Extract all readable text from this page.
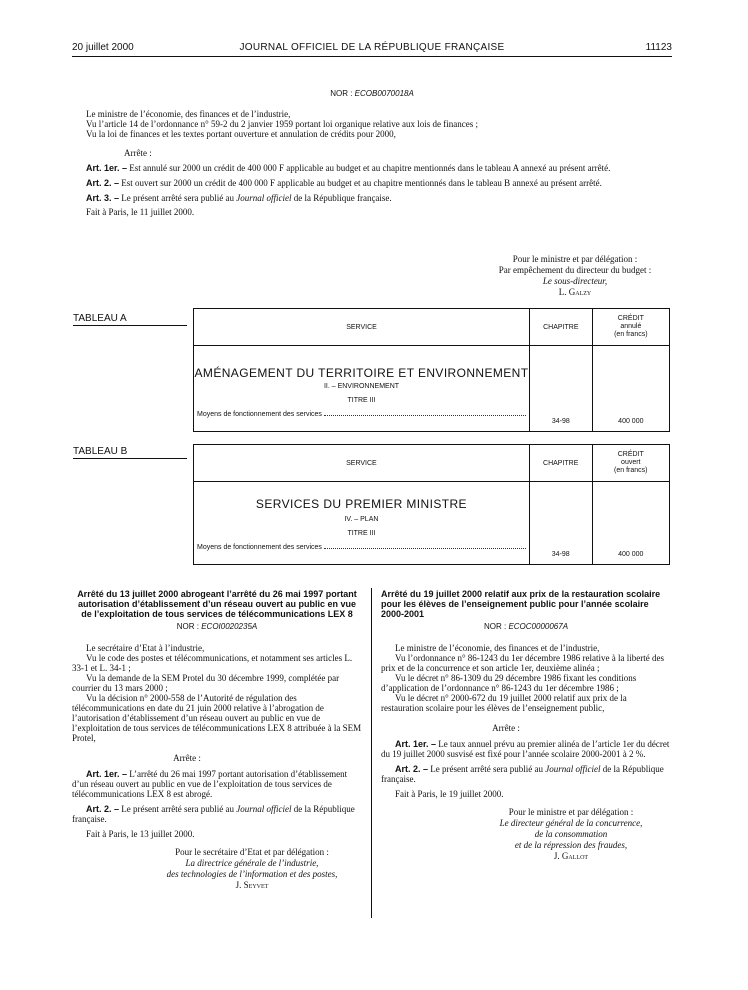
20 juillet 2000	JOURNAL OFFICIEL DE LA RÉPUBLIQUE FRANÇAISE	11123
NOR : ECOB0070018A

Le ministre de l’économie, des finances et de l’industrie,

Vu l’article 14 de l’ordonnance n° 59-2 du 2 janvier 1959 portant loi organique relative aux lois de finances ;

Vu la loi de finances et les textes portant ouverture et annulation de crédits pour 2000,

Arrête :

Art. 1er. – Est annulé sur 2000 un crédit de 400 000 F applicable au budget et au chapitre mentionnés dans le tableau A annexé au présent arrêté.

Art. 2. – Est ouvert sur 2000 un crédit de 400 000 F applicable au budget et au chapitre mentionnés dans le tableau B annexé au présent arrêté.

Art. 3. – Le présent arrêté sera publié au Journal officiel de la République française.

Fait à Paris, le 11 juillet 2000.

Pour le ministre et par délégation :
Par empêchement du directeur du budget :
Le sous-directeur,
L. Galzy
TABLEAU A
SERVICE	CHAPITRE	CRÉDIT
annulé
(en francs)

AMÉNAGEMENT DU TERRITOIRE ET ENVIRONNEMENT
II. – ENVIRONNEMENT
TITRE III
Moyens de fonctionnement des services	34-98	400 000
TABLEAU B
SERVICE	CHAPITRE	CRÉDIT
ouvert
(en francs)

SERVICES DU PREMIER MINISTRE
IV. – PLAN
TITRE III
Moyens de fonctionnement des services	34-98	400 000
Arrêté du 13 juillet 2000 abrogeant l’arrêté du 26 mai 1997 portant autorisation d’établissement d’un réseau ouvert au public en vue de l’exploitation de tous services de télécommunications LEX 8
NOR : ECOI0020235A

Le secrétaire d’Etat à l’industrie,

Vu le code des postes et télécommunications, et notamment ses articles L. 33-1 et L. 34-1 ;

Vu la demande de la SEM Protel du 30 décembre 1999, complétée par courrier du 13 mars 2000 ;

Vu la décision n° 2000-558 de l’Autorité de régulation des télécommunications en date du 21 juin 2000 relative à l’abrogation de l’autorisation d’établissement d’un réseau ouvert au public en vue de l’exploitation de tous services de télécommunications LEX 8 attribuée à la SEM Protel,

Arrête :

Art. 1er. – L’arrêté du 26 mai 1997 portant autorisation d’établissement d’un réseau ouvert au public en vue de l’exploitation de tous services de télécommunications LEX 8 est abrogé.

Art. 2. – Le présent arrêté sera publié au Journal officiel de la République française.

Fait à Paris, le 13 juillet 2000.

Pour le secrétaire d’Etat et par délégation :
La directrice générale de l’industrie,
des technologies de l’information et des postes,
J. Seyvet
Arrêté du 19 juillet 2000 relatif aux prix de la restauration scolaire pour les élèves de l’enseignement public pour l’année scolaire 2000-2001
NOR : ECOC0000067A

Le ministre de l’économie, des finances et de l’industrie,

Vu l’ordonnance n° 86-1243 du 1er décembre 1986 relative à la liberté des prix et de la concurrence et son article 1er, deuxième alinéa ;

Vu le décret n° 86-1309 du 29 décembre 1986 fixant les conditions d’application de l’ordonnance n° 86-1243 du 1er décembre 1986 ;

Vu le décret n° 2000-672 du 19 juillet 2000 relatif aux prix de la restauration scolaire pour les élèves de l’enseignement public,

Arrête :

Art. 1er. – Le taux annuel prévu au premier alinéa de l’article 1er du décret du 19 juillet 2000 susvisé est fixé pour l’année scolaire 2000-2001 à 2 %.

Art. 2. – Le présent arrêté sera publié au Journal officiel de la République française.

Fait à Paris, le 19 juillet 2000.

Pour le ministre et par délégation :
Le directeur général de la concurrence,
de la consommation
et de la répression des fraudes,
J. Gallot
